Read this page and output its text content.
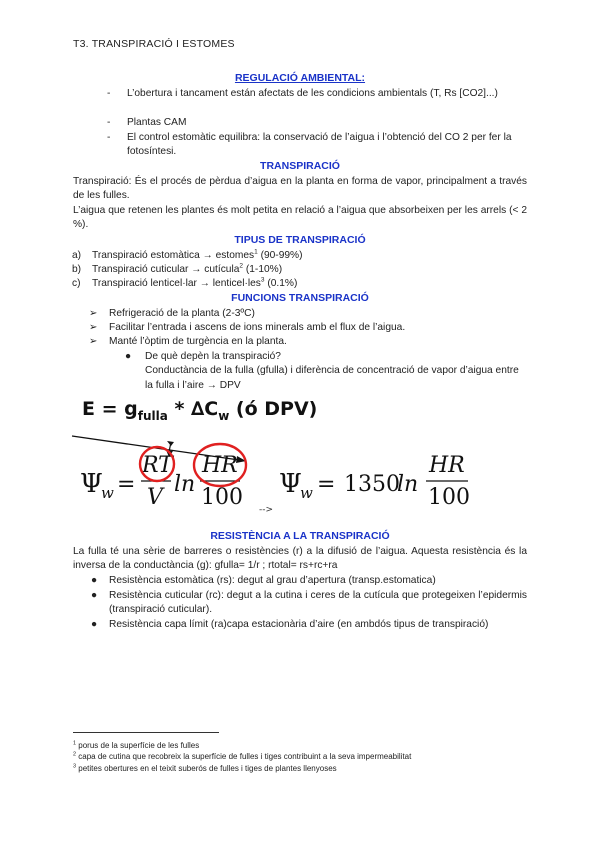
T3. TRANSPIRACIÓ I ESTOMES
REGULACIÓ AMBIENTAL:
- L’obertura i tancament están afectats de les condicions ambientals (T, Rs [CO2]...)
- Plantas CAM
- El control estomàtic equilibra: la conservació de l’aigua i l’obtenció del CO 2 per fer la fotosíntesi.
TRANSPIRACIÓ
Transpiració: És el procés de pèrdua d’aigua en la planta en forma de vapor, principalment a través de les fulles.
L’aigua que retenen les plantes és molt petita en relació a l’aigua que absorbeixen per les arrels (< 2 %).
TIPUS DE TRANSPIRACIÓ
a) Transpiració estomàtica → estomes$^1$ (90-99%)
b) Transpiració cuticular → cutícula$^2$ (1-10%)
c) Transpiració lenticel·lar → lenticel·les$^3$ (0.1%)
FUNCIONS TRANSPIRACIÓ
➢ Refrigeració de la planta (2-3ºC)
➢ Facilitar l’entrada i ascens de ions minerals amb el flux de l’aigua.
➢ Manté l’òptim de turgència en la planta.
● De què depèn la transpiració?
Conductància de la fulla (gfulla) i diferència de concentració de vapor d’aigua entre la fulla i l’aire → DPV
$E = g_{fulla} * \Delta C_w$ (ó DPV)
Ψ
w =
RT
V
ln
HR
100 -->
Ψ
w = 1350
ln
HR
100
RESISTÈNCIA A LA TRANSPIRACIÓ
La fulla té una sèrie de barreres o resistències (r) a la difusió de l’aigua. Aquesta resistència és la inversa de la conductància (g): gfulla= 1/r ; rtotal= rs+rc+ra
● Resistència estomàtica (rs): degut al grau d’apertura (transp.estomatica)
● Resistència cuticular (rc): degut a la cutina i ceres de la cutícula que protegeixen l’epidermis (transpiració cuticular).
● Resistència capa límit (ra)capa estacionària d’aire (en ambdós tipus de transpiració)
$^1$ porus de la superfície de les fulles
$^2$ capa de cutina que recobreix la superfície de fulles i tiges contribuint a la seva impermeabilitat
$^3$ petites obertures en el teixit suberós de fulles i tiges de plantes llenyoses
